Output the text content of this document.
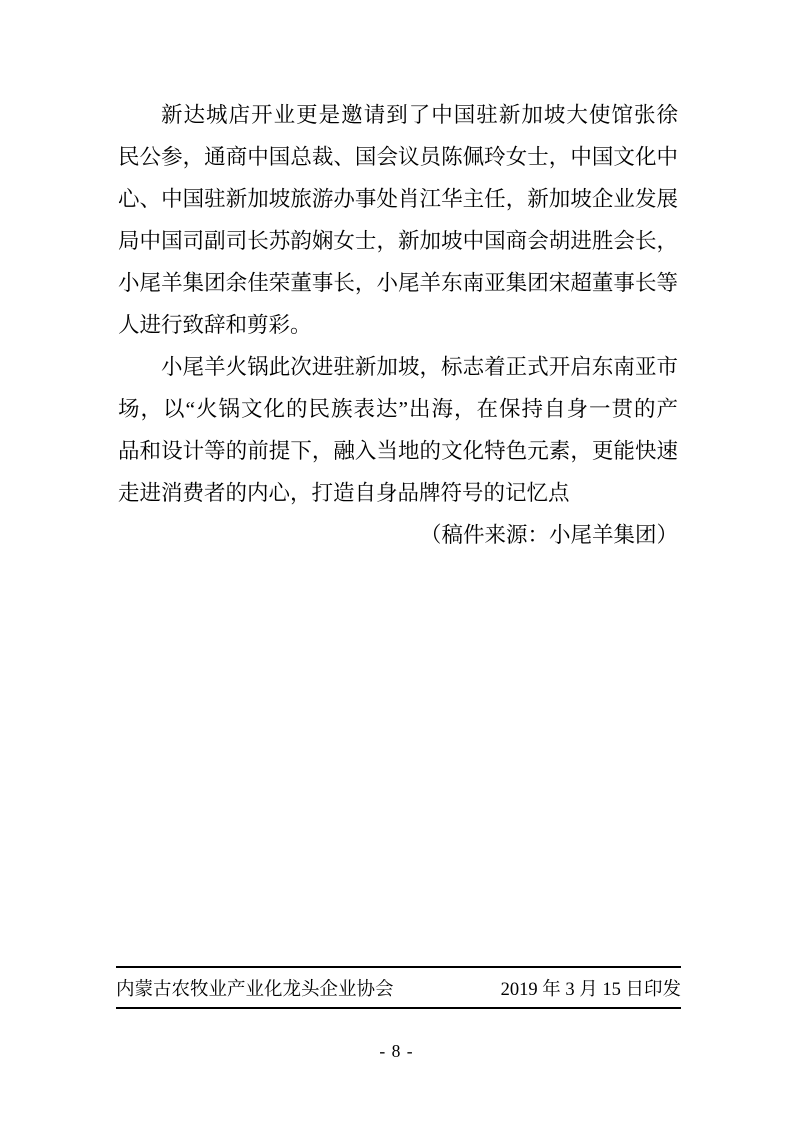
新达城店开业更是邀请到了中国驻新加坡大使馆张徐
民公参，通商中国总裁、国会议员陈佩玲女士，中国文化中
心、中国驻新加坡旅游办事处肖江华主任，新加坡企业发展
局中国司副司长苏韵娴女士，新加坡中国商会胡进胜会长，
小尾羊集团余佳荣董事长，小尾羊东南亚集团宋超董事长等
人进行致辞和剪彩。
小尾羊火锅此次进驻新加坡，标志着正式开启东南亚市
场，以“火锅文化的民族表达”出海，在保持自身一贯的产
品和设计等的前提下，融入当地的文化特色元素，更能快速
走进消费者的内心，打造自身品牌符号的记忆点
（稿件来源：小尾羊集团）
内蒙古农牧业产业化龙头企业协会	2019 年 3 月 15 日印发
- 8 -
